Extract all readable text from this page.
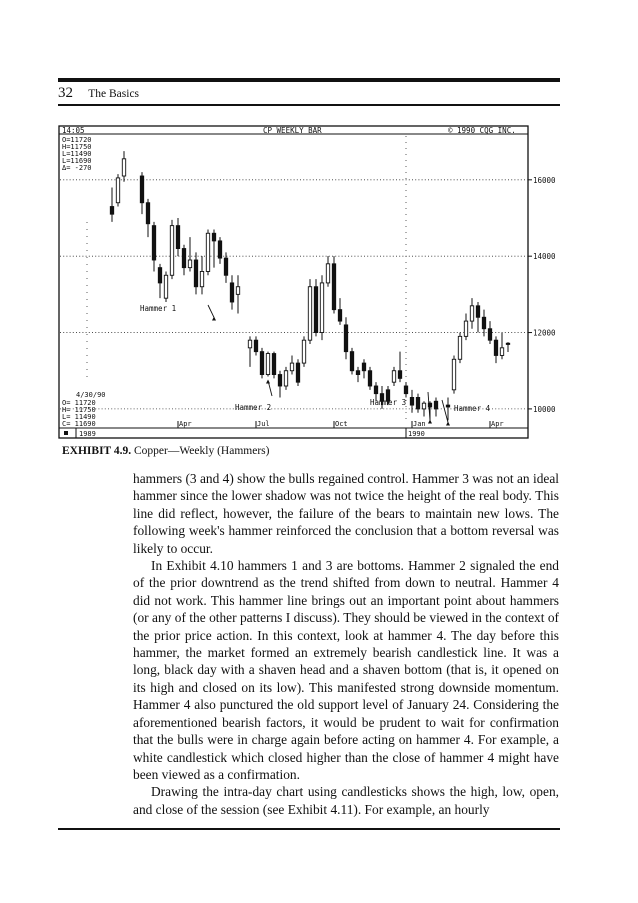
32 The Basics
14:05	CP WEEKLY BAR	© 1990 CQG INC.
O=11720
H=11750
L=11490
L=11690
Δ= -270
4/30/90
O= 11720
H= 11750
L= 11490
C= 11690
16000
14000
12000
10000
Apr	Jul	Oct	Jan	Apr
1989	1990
Hammer 1
Hammer 2
Hammer 3
Hammer 4
EXHIBIT 4.9. Copper—Weekly (Hammers)

hammers (3 and 4) show the bulls regained control. Hammer 3 was not an ideal hammer since the lower shadow was not twice the height of the real body. This line did reflect, however, the failure of the bears to maintain new lows. The following week's hammer reinforced the conclusion that a bottom reversal was likely to occur.

In Exhibit 4.10 hammers 1 and 3 are bottoms. Hammer 2 signaled the end of the prior downtrend as the trend shifted from down to neutral. Hammer 4 did not work. This hammer line brings out an important point about hammers (or any of the other patterns I discuss). They should be viewed in the context of the prior price action. In this context, look at hammer 4. The day before this hammer, the market formed an extremely bearish candlestick line. It was a long, black day with a shaven head and a shaven bottom (that is, it opened on its high and closed on its low). This manifested strong downside momentum. Hammer 4 also punctured the old support level of January 24. Considering the aforementioned bearish factors, it would be prudent to wait for confirmation that the bulls were in charge again before acting on hammer 4. For example, a white candlestick which closed higher than the close of hammer 4 might have been viewed as a confirmation.

Drawing the intra-day chart using candlesticks shows the high, low, open, and close of the session (see Exhibit 4.11). For example, an hourly
